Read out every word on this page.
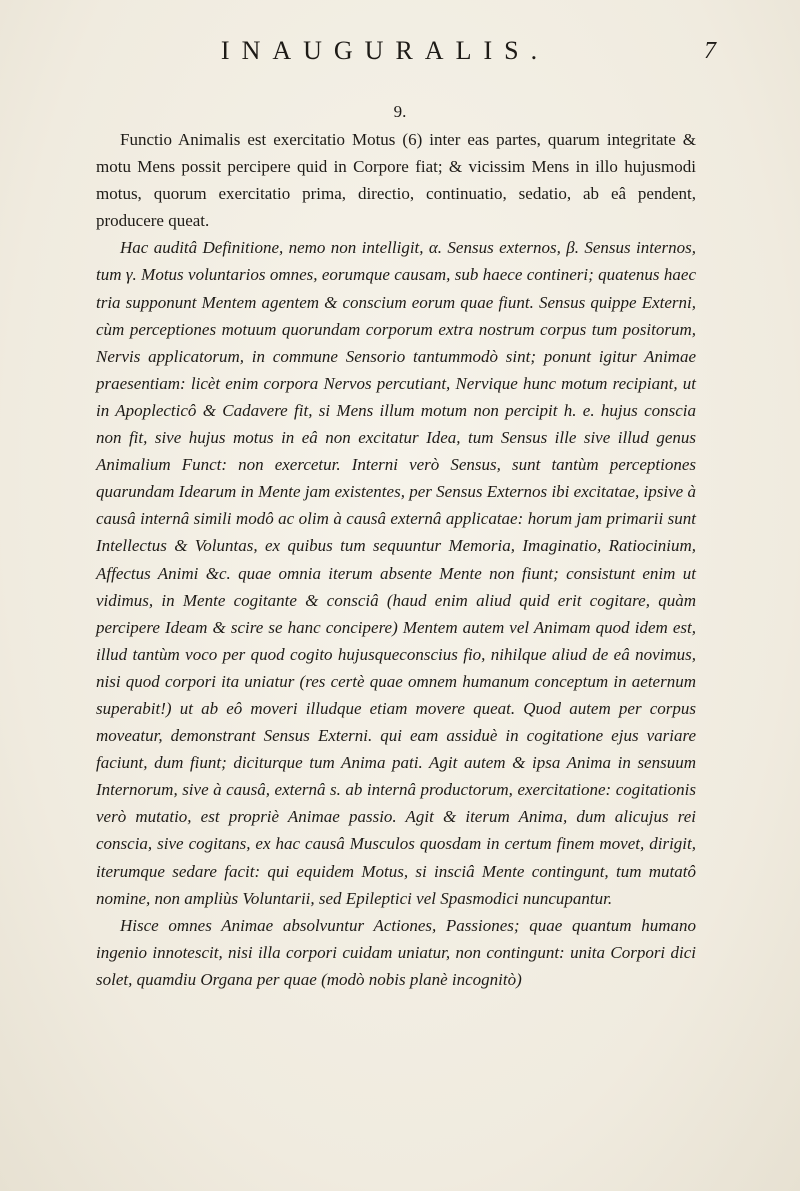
INAUGURALIS.	7
9.

Functio Animalis est exercitatio Motus (6) inter eas partes, quarum integritate & motu Mens possit percipere quid in Corpore fiat; & vicissim Mens in illo hujusmodi motus, quorum exercitatio prima, directio, continuatio, sedatio, ab eâ pendent, producere queat.

Hac auditâ Definitione, nemo non intelligit, α. Sensus externos, β. Sensus internos, tum γ. Motus voluntarios omnes, eorumque causam, sub haece contineri; quatenus haec tria supponunt Mentem agentem & conscium eorum quae fiunt. Sensus quippe Externi, cùm perceptiones motuum quorundam corporum extra nostrum corpus tum positorum, Nervis applicatorum, in commune Sensorio tantummodò sint; ponunt igitur Animae praesentiam: licèt enim corpora Nervos percutiant, Nervique hunc motum recipiant, ut in Apoplecticô & Cadavere fit, si Mens illum motum non percipit h. e. hujus conscia non fit, sive hujus motus in eâ non excitatur Idea, tum Sensus ille sive illud genus Animalium Funct: non exercetur. Interni verò Sensus, sunt tantùm perceptiones quarundam Idearum in Mente jam existentes, per Sensus Externos ibi excitatae, ipsive à causâ internâ simili modô ac olim à causâ externâ applicatae: horum jam primarii sunt Intellectus & Voluntas, ex quibus tum sequuntur Memoria, Imaginatio, Ratiocinium, Affectus Animi &c. quae omnia iterum absente Mente non fiunt; consistunt enim ut vidimus, in Mente cogitante & consciâ (haud enim aliud quid erit cogitare, quàm percipere Ideam & scire se hanc concipere) Mentem autem vel Animam quod idem est, illud tantùm voco per quod cogito hujusqueconscius fio, nihilque aliud de eâ novimus, nisi quod corpori ita uniatur (res certè quae omnem humanum conceptum in aeternum superabit!) ut ab eô moveri illudque etiam movere queat. Quod autem per corpus moveatur, demonstrant Sensus Externi. qui eam assiduè in cogitatione ejus variare faciunt, dum fiunt; diciturque tum Anima pati. Agit autem & ipsa Anima in sensuum Internorum, sive à causâ, externâ s. ab internâ productorum, exercitatione: cogitationis verò mutatio, est propriè Animae passio. Agit & iterum Anima, dum alicujus rei conscia, sive cogitans, ex hac causâ Musculos quosdam in certum finem movet, dirigit, iterumque sedare facit: qui equidem Motus, si insciâ Mente contingunt, tum mutatô nomine, non ampliùs Voluntarii, sed Epileptici vel Spasmodici nuncupantur.

Hisce omnes Animae absolvuntur Actiones, Passiones; quae quantum humano ingenio innotescit, nisi illa corpori cuidam uniatur, non contingunt: unita Corpori dici solet, quamdiu Organa per quae (modò nobis planè incognitò)
